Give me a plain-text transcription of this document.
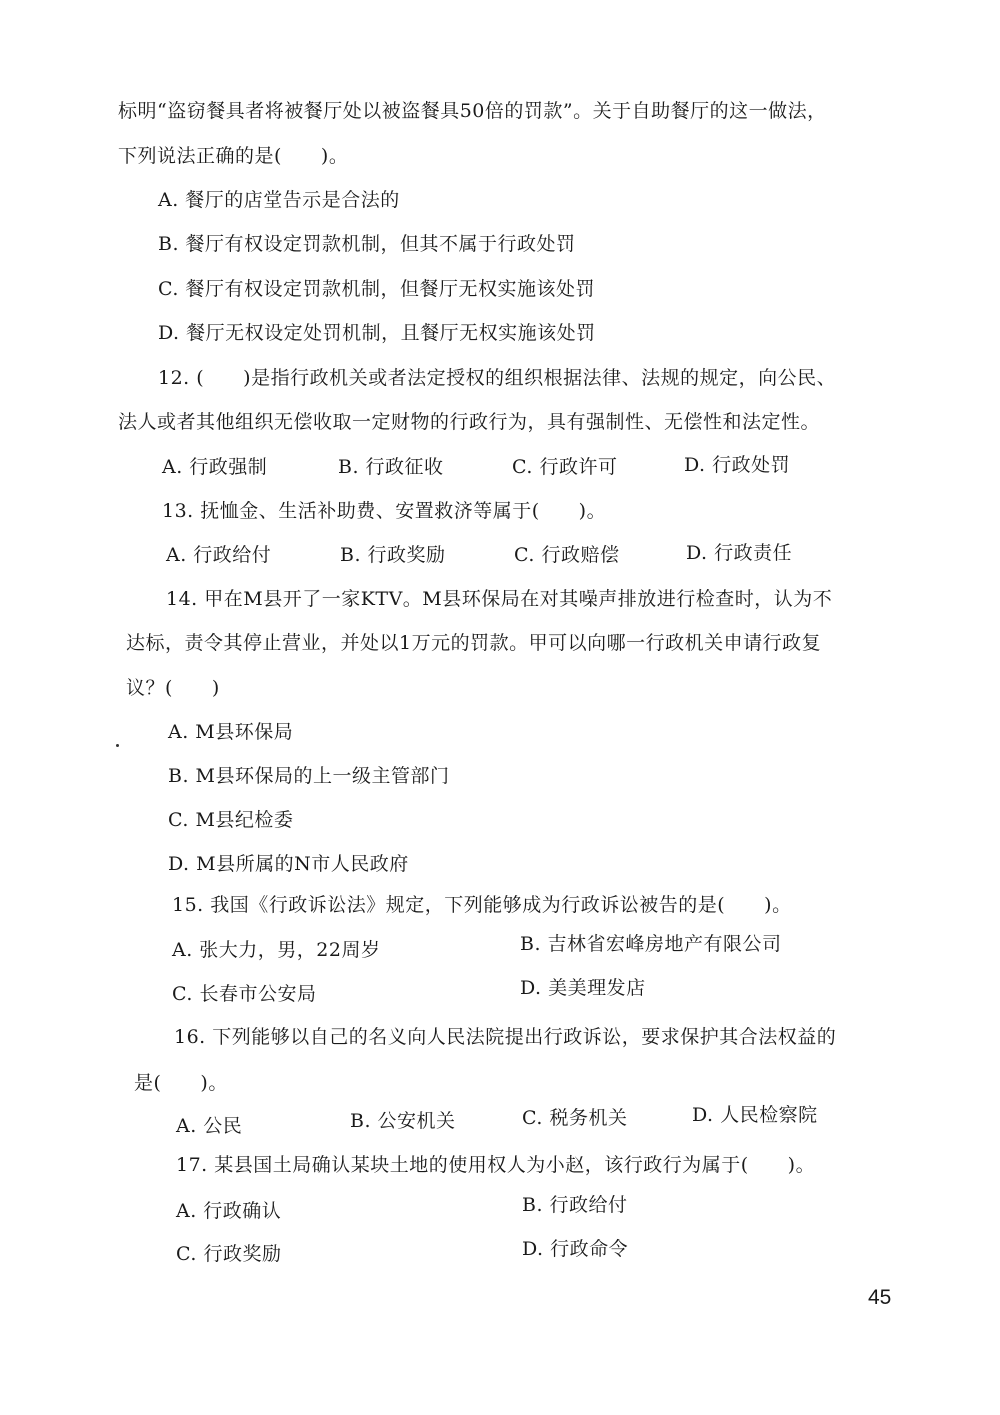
标明“盗窃餐具者将被餐厅处以被盗餐具50倍的罚款”。关于自助餐厅的这一做法，
下列说法正确的是(　　)。
A. 餐厅的店堂告示是合法的
B. 餐厅有权设定罚款机制，但其不属于行政处罚
C. 餐厅有权设定罚款机制，但餐厅无权实施该处罚
D. 餐厅无权设定处罚机制，且餐厅无权实施该处罚
12. (　　)是指行政机关或者法定授权的组织根据法律、法规的规定，向公民、
法人或者其他组织无偿收取一定财物的行政行为，具有强制性、无偿性和法定性。
A. 行政强制	B. 行政征收	C. 行政许可	D. 行政处罚
13. 抚恤金、生活补助费、安置救济等属于(　　)。
A. 行政给付	B. 行政奖励	C. 行政赔偿	D. 行政责任
14. 甲在M县开了一家KTV。M县环保局在对其噪声排放进行检查时，认为不
达标，责令其停止营业，并处以1万元的罚款。甲可以向哪一行政机关申请行政复
议？(　　)
A. M县环保局
B. M县环保局的上一级主管部门
C. M县纪检委
D. M县所属的N市人民政府
15. 我国《行政诉讼法》规定，下列能够成为行政诉讼被告的是(　　)。
A. 张大力，男，22周岁	B. 吉林省宏峰房地产有限公司
C. 长春市公安局	D. 美美理发店
16. 下列能够以自己的名义向人民法院提出行政诉讼，要求保护其合法权益的
是(　　)。
A. 公民	B. 公安机关	C. 税务机关	D. 人民检察院
17. 某县国土局确认某块土地的使用权人为小赵，该行政行为属于(　　)。
A. 行政确认	B. 行政给付
C. 行政奖励	D. 行政命令
45
